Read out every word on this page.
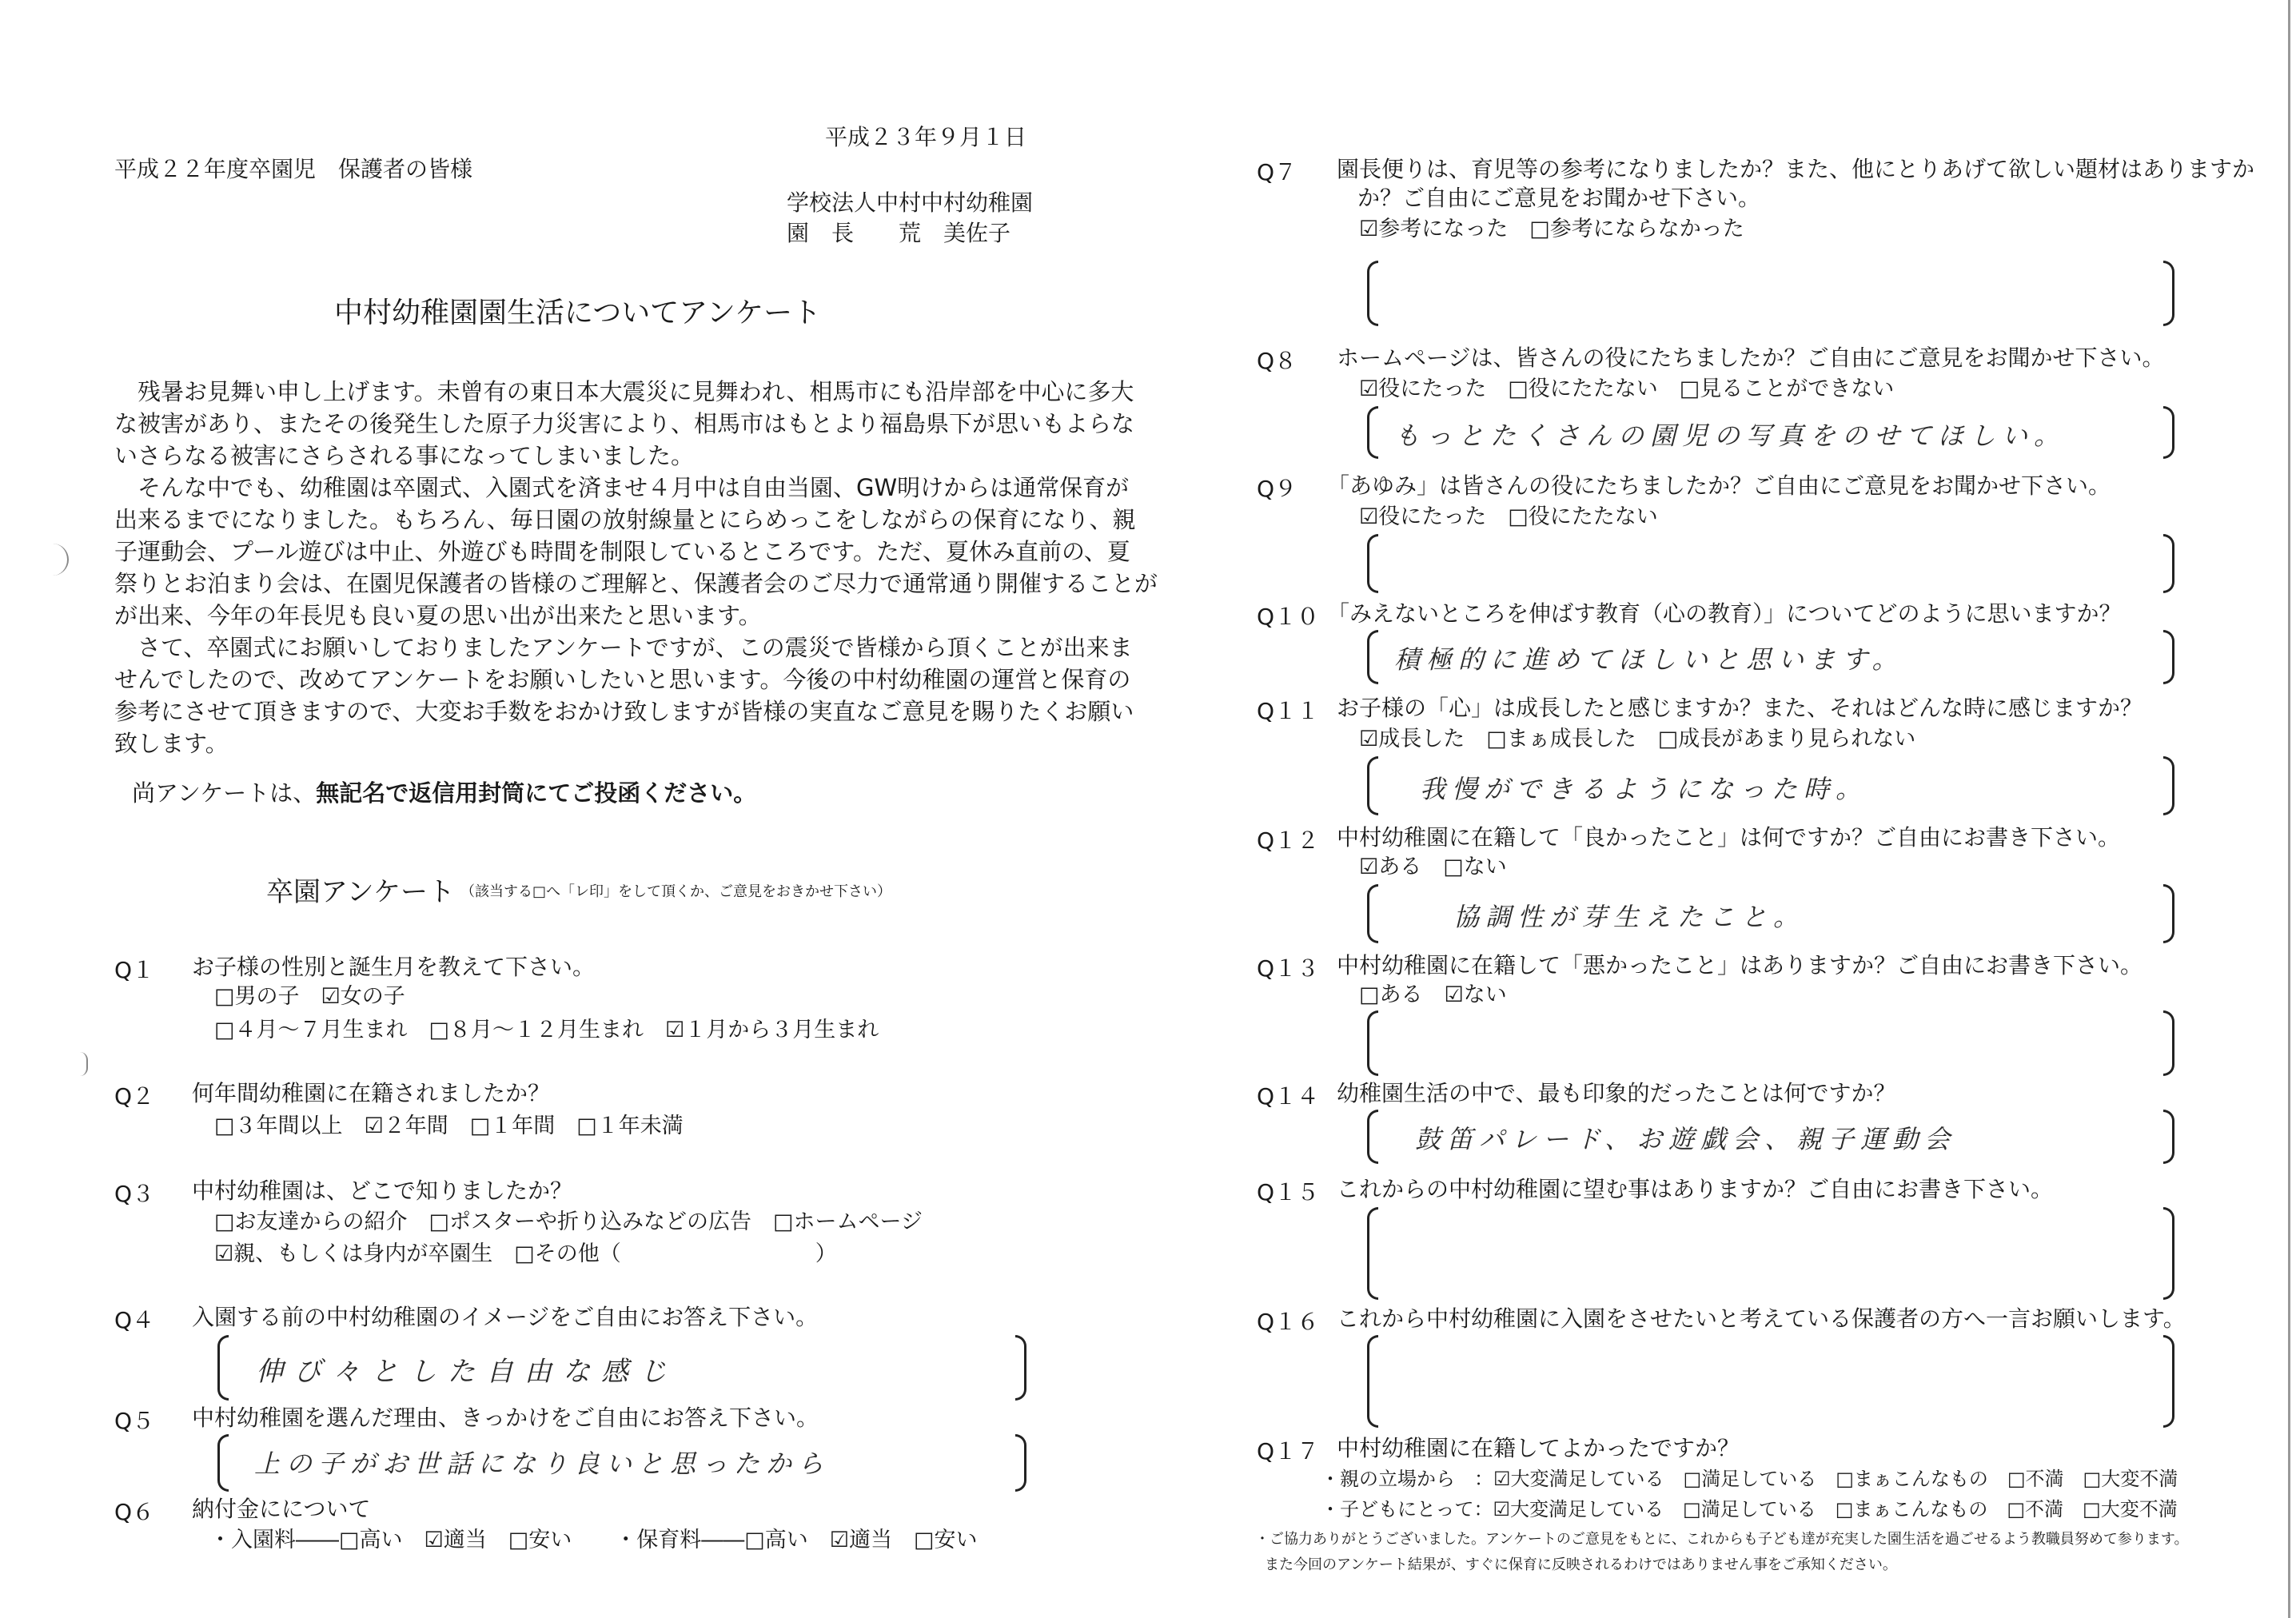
平成２３年９月１日
平成２２年度卒園児　保護者の皆様
学校法人中村中村幼稚園
園　長　　荒　美佐子
中村幼稚園園生活についてアンケート
　残暑お見舞い申し上げます。未曾有の東日本大震災に見舞われ、相馬市にも沿岸部を中心に多大
な被害があり、またその後発生した原子力災害により、相馬市はもとより福島県下が思いもよらな
いさらなる被害にさらされる事になってしまいました。
　そんな中でも、幼稚園は卒園式、入園式を済ませ４月中は自由当園、GW明けからは通常保育が
出来るまでになりました。もちろん、毎日園の放射線量とにらめっこをしながらの保育になり、親
子運動会、プール遊びは中止、外遊びも時間を制限しているところです。ただ、夏休み直前の、夏
祭りとお泊まり会は、在園児保護者の皆様のご理解と、保護者会のご尽力で通常通り開催することが
が出来、今年の年長児も良い夏の思い出が出来たと思います。
　さて、卒園式にお願いしておりましたアンケートですが、この震災で皆様から頂くことが出来ま
せんでしたので、改めてアンケートをお願いしたいと思います。今後の中村幼稚園の運営と保育の
参考にさせて頂きますので、大変お手数をおかけ致しますが皆様の実直なご意見を賜りたくお願い
致します。
尚アンケートは、無記名で返信用封筒にてご投函ください。
卒園アンケート （該当する□へ「レ印」をして頂くか、ご意見をおきかせ下さい）
Q１ お子様の性別と誕生月を教えて下さい。
□男の子　☑女の子
□４月〜７月生まれ　□８月〜１２月生まれ　☑１月から３月生まれ
Q２ 何年間幼稚園に在籍されましたか？
□３年間以上　☑２年間　□１年間　□１年未満
Q３ 中村幼稚園は、どこで知りましたか？
□お友達からの紹介　□ポスターや折り込みなどの広告　□ホームページ
☑親、もしくは身内が卒園生　□その他（　　　　　　　　　）
Q４ 入園する前の中村幼稚園のイメージをご自由にお答え下さい。
伸び々とした自由な感じ
Q５ 中村幼稚園を選んだ理由、きっかけをご自由にお答え下さい。
上の子がお世話になり良いと思ったから
Q６ 納付金にについて
・入園料――□高い　☑適当　□安い　　・保育料――□高い　☑適当　□安い
Q７ 園長便りは、育児等の参考になりましたか？また、他にとりあげて欲しい題材はありますか
か？ご自由にご意見をお聞かせ下さい。
☑参考になった　□参考にならなかった
Q８ ホームページは、皆さんの役にたちましたか？ご自由にご意見をお聞かせ下さい。
☑役にたった　□役にたたない　□見ることができない
もっとたくさんの園児の写真をのせてほしい。
Q９ 「あゆみ」は皆さんの役にたちましたか？ご自由にご意見をお聞かせ下さい。
☑役にたった　□役にたたない
Q１０ 「みえないところを伸ばす教育（心の教育）」についてどのように思いますか？
積極的に進めてほしいと思います。
Q１１ お子様の「心」は成長したと感じますか？また、それはどんな時に感じますか？
☑成長した　□まぁ成長した　□成長があまり見られない
我慢ができるようになった時。
Q１２ 中村幼稚園に在籍して「良かったこと」は何ですか？ご自由にお書き下さい。
☑ある　□ない
協調性が芽生えたこと。
Q１３ 中村幼稚園に在籍して「悪かったこと」はありますか？ご自由にお書き下さい。
□ある　☑ない
Q１４ 幼稚園生活の中で、最も印象的だったことは何ですか？
鼓笛パレード、お遊戯会、親子運動会
Q１５ これからの中村幼稚園に望む事はありますか？ご自由にお書き下さい。
Q１６ これから中村幼稚園に入園をさせたいと考えている保護者の方へ一言お願いします。
Q１７ 中村幼稚園に在籍してよかったですか？
・親の立場から　：☑大変満足している　□満足している　□まぁこんなもの　□不満　□大変不満
・子どもにとって：☑大変満足している　□満足している　□まぁこんなもの　□不満　□大変不満
・ご協力ありがとうございました。アンケートのご意見をもとに、これからも子ども達が充実した園生活を過ごせるよう教職員努めて参ります。
また今回のアンケート結果が、すぐに保育に反映されるわけではありません事をご承知ください。
